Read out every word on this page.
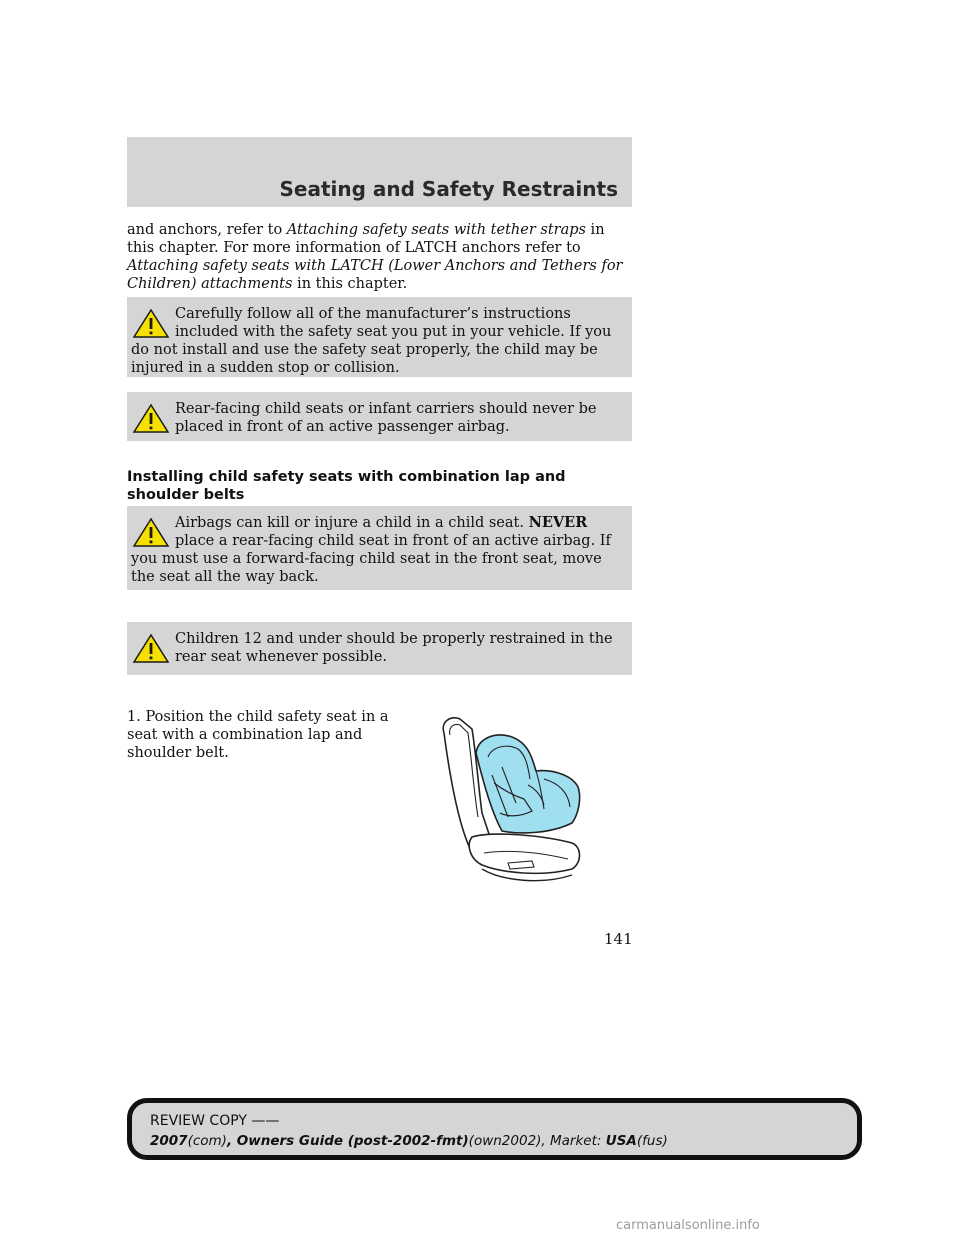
Seating and Safety Restraints

and anchors, refer to Attaching safety seats with tether straps in this chapter. For more information of LATCH anchors refer to Attaching safety seats with LATCH (Lower Anchors and Tethers for Children) attachments in this chapter.

Carefully follow all of the manufacturer’s instructions included with the safety seat you put in your vehicle. If you do not install and use the safety seat properly, the child may be injured in a sudden stop or collision.
Rear-facing child seats or infant carriers should never be placed in front of an active passenger airbag.
Installing child safety seats with combination lap and shoulder belts
Airbags can kill or injure a child in a child seat. NEVER place a rear-facing child seat in front of an active airbag. If you must use a forward-facing child seat in the front seat, move the seat all the way back.
Children 12 and under should be properly restrained in the rear seat whenever possible.
1. Position the child safety seat in a seat with a combination lap and shoulder belt.
141
REVIEW COPY ——
2007(com), Owners Guide (post-2002-fmt)(own2002), Market: USA(fus)
carmanualsonline.info
